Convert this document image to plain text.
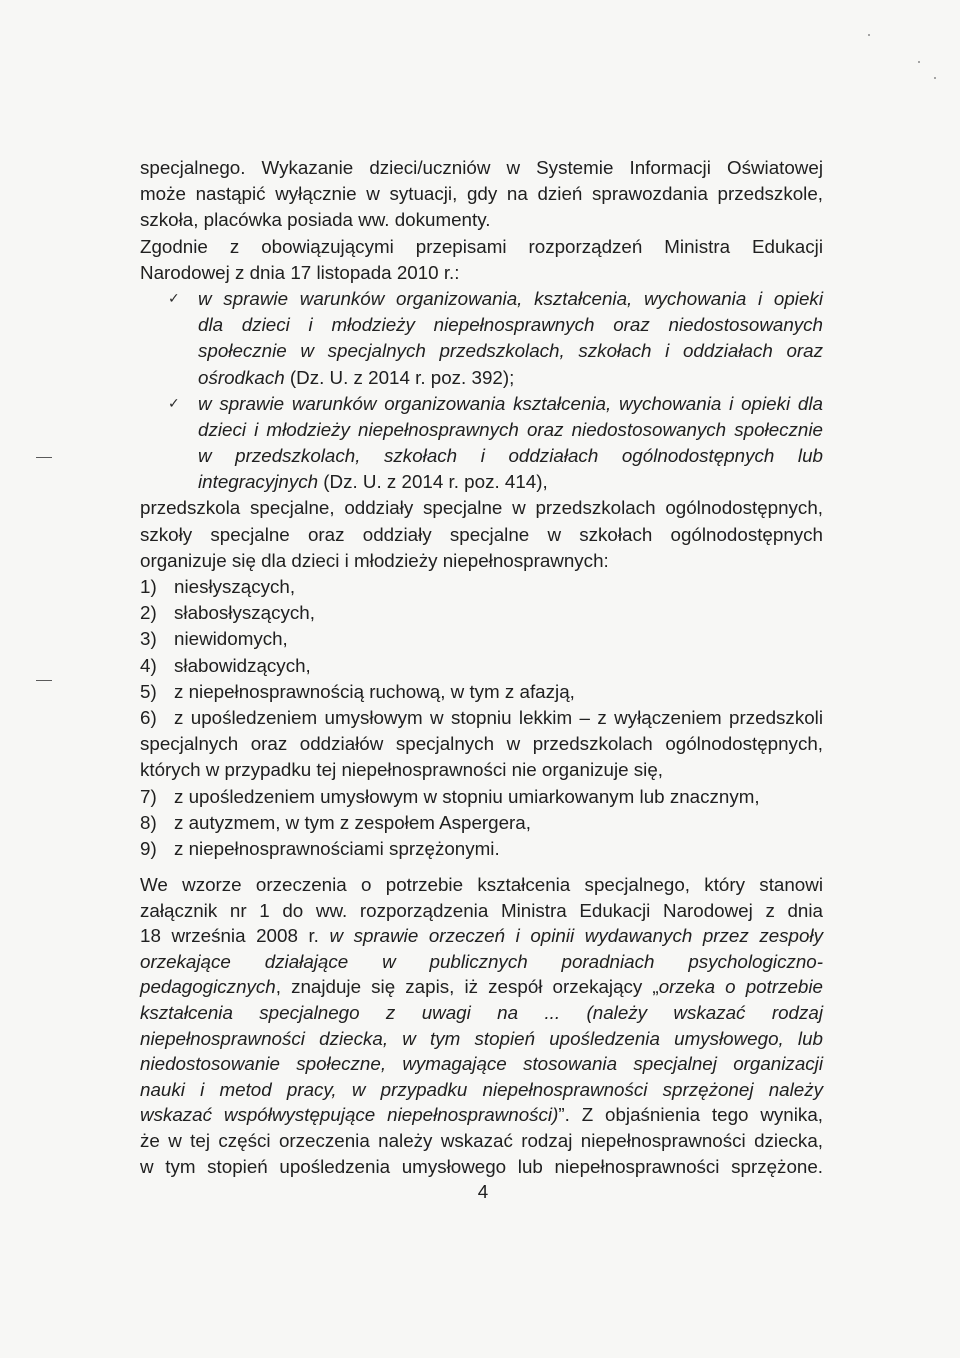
specjalnego. Wykazanie dzieci/uczniów w Systemie Informacji Oświatowej
może nastąpić wyłącznie w sytuacji, gdy na dzień sprawozdania przedszkole,
szkoła, placówka posiada ww. dokumenty.
Zgodnie z obowiązującymi przepisami rozporządzeń Ministra Edukacji
Narodowej z dnia 17 listopada 2010 r.:
✓ w sprawie warunków organizowania, kształcenia, wychowania i opieki
dla dzieci i młodzieży niepełnosprawnych oraz niedostosowanych
społecznie w specjalnych przedszkolach, szkołach i oddziałach oraz
ośrodkach (Dz. U. z 2014 r. poz. 392);
✓ w sprawie warunków organizowania kształcenia, wychowania i opieki dla
dzieci i młodzieży niepełnosprawnych oraz niedostosowanych społecznie
w przedszkolach, szkołach i oddziałach ogólnodostępnych lub
integracyjnych (Dz. U. z 2014 r. poz. 414),
przedszkola specjalne, oddziały specjalne w przedszkolach ogólnodostępnych,
szkoły specjalne oraz oddziały specjalne w szkołach ogólnodostępnych
organizuje się dla dzieci i młodzieży niepełnosprawnych:
1) niesłyszących,
2) słabosłyszących,
3) niewidomych,
4) słabowidzących,
5) z niepełnosprawnością ruchową, w tym z afazją,
6) z upośledzeniem umysłowym w stopniu lekkim – z wyłączeniem przedszkoli
specjalnych oraz oddziałów specjalnych w przedszkolach ogólnodostępnych,
których w przypadku tej niepełnosprawności nie organizuje się,
7) z upośledzeniem umysłowym w stopniu umiarkowanym lub znacznym,
8) z autyzmem, w tym z zespołem Aspergera,
9) z niepełnosprawnościami sprzężonymi.
We wzorze orzeczenia o potrzebie kształcenia specjalnego, który stanowi
załącznik nr 1 do ww. rozporządzenia Ministra Edukacji Narodowej z dnia
18 września 2008 r. w sprawie orzeczeń i opinii wydawanych przez zespoły
orzekające działające w publicznych poradniach psychologiczno-
pedagogicznych, znajduje się zapis, iż zespół orzekający „orzeka o potrzebie
kształcenia specjalnego z uwagi na ... (należy wskazać rodzaj
niepełnosprawności dziecka, w tym stopień upośledzenia umysłowego, lub
niedostosowanie społeczne, wymagające stosowania specjalnej organizacji
nauki i metod pracy, w przypadku niepełnosprawności sprzężonej należy
wskazać współwystępujące niepełnosprawności)”. Z objaśnienia tego wynika,
że w tej części orzeczenia należy wskazać rodzaj niepełnosprawności dziecka,
w tym stopień upośledzenia umysłowego lub niepełnosprawności sprzężone.
4
